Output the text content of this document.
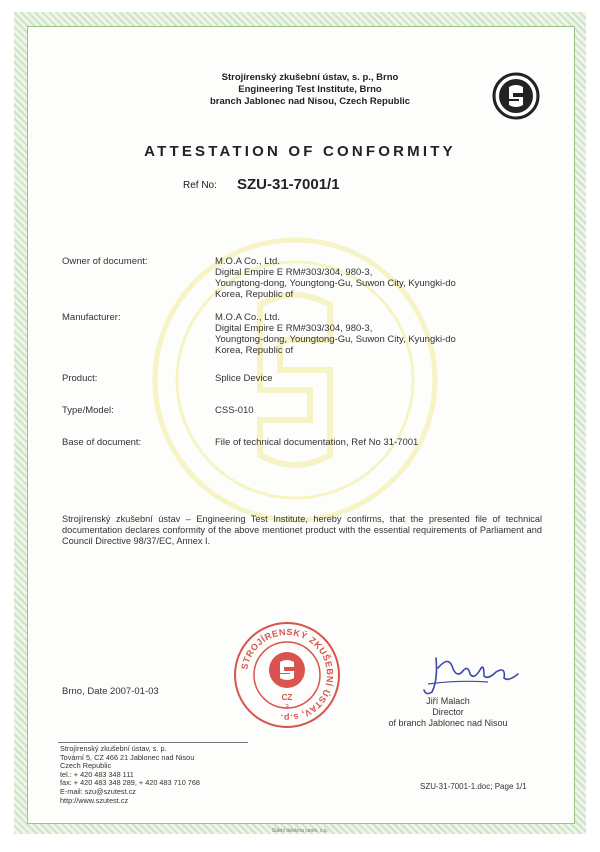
Strojírenský zkušební ústav, s. p., Brno
Engineering Test Institute, Brno
branch Jablonec nad Nisou, Czech Republic
ATTESTATION OF CONFORMITY
Ref No: SZU-31-7001/1
Owner of document:	M.O.A Co., Ltd.
Digital Empire E RM#303/304, 980-3,
Youngtong-dong, Youngtong-Gu, Suwon City, Kyungki-do
Korea, Republic of
Manufacturer:	M.O.A Co., Ltd.
Digital Empire E RM#303/304, 980-3,
Youngtong-dong, Youngtong-Gu, Suwon City, Kyungki-do
Korea, Republic of
Product:	Splice Device
Type/Model:	CSS-010
Base of document:	File of technical documentation, Ref No 31-7001
Strojírenský zkušební ústav – Engineering Test Institute, hereby confirms, that the presented file of technical documentation declares conformity of the above mentionet product with the essential requirements of Parliament and Council Directive 98/37/EC, Annex I.
STROJÍRENSKÝ ZKUŠEBNÍ ÚSTAV, s.p.
CZ
3
Brno, Date 2007-01-03
Jiří Malach
Director
of branch Jablonec nad Nisou
Strojírenský zkušební ústav, s. p.
Tovární 5, CZ 466 21 Jablonec nad Nisou
Czech Republic
tel.: + 420 483 348 111
fax: + 420 483 348 289, + 420 483 710 768
E-mail: szu@szutest.cz
http://www.szutest.cz
SZU-31-7001-1.doc; Page 1/1
Státní tiskárna cenin, s.p.
